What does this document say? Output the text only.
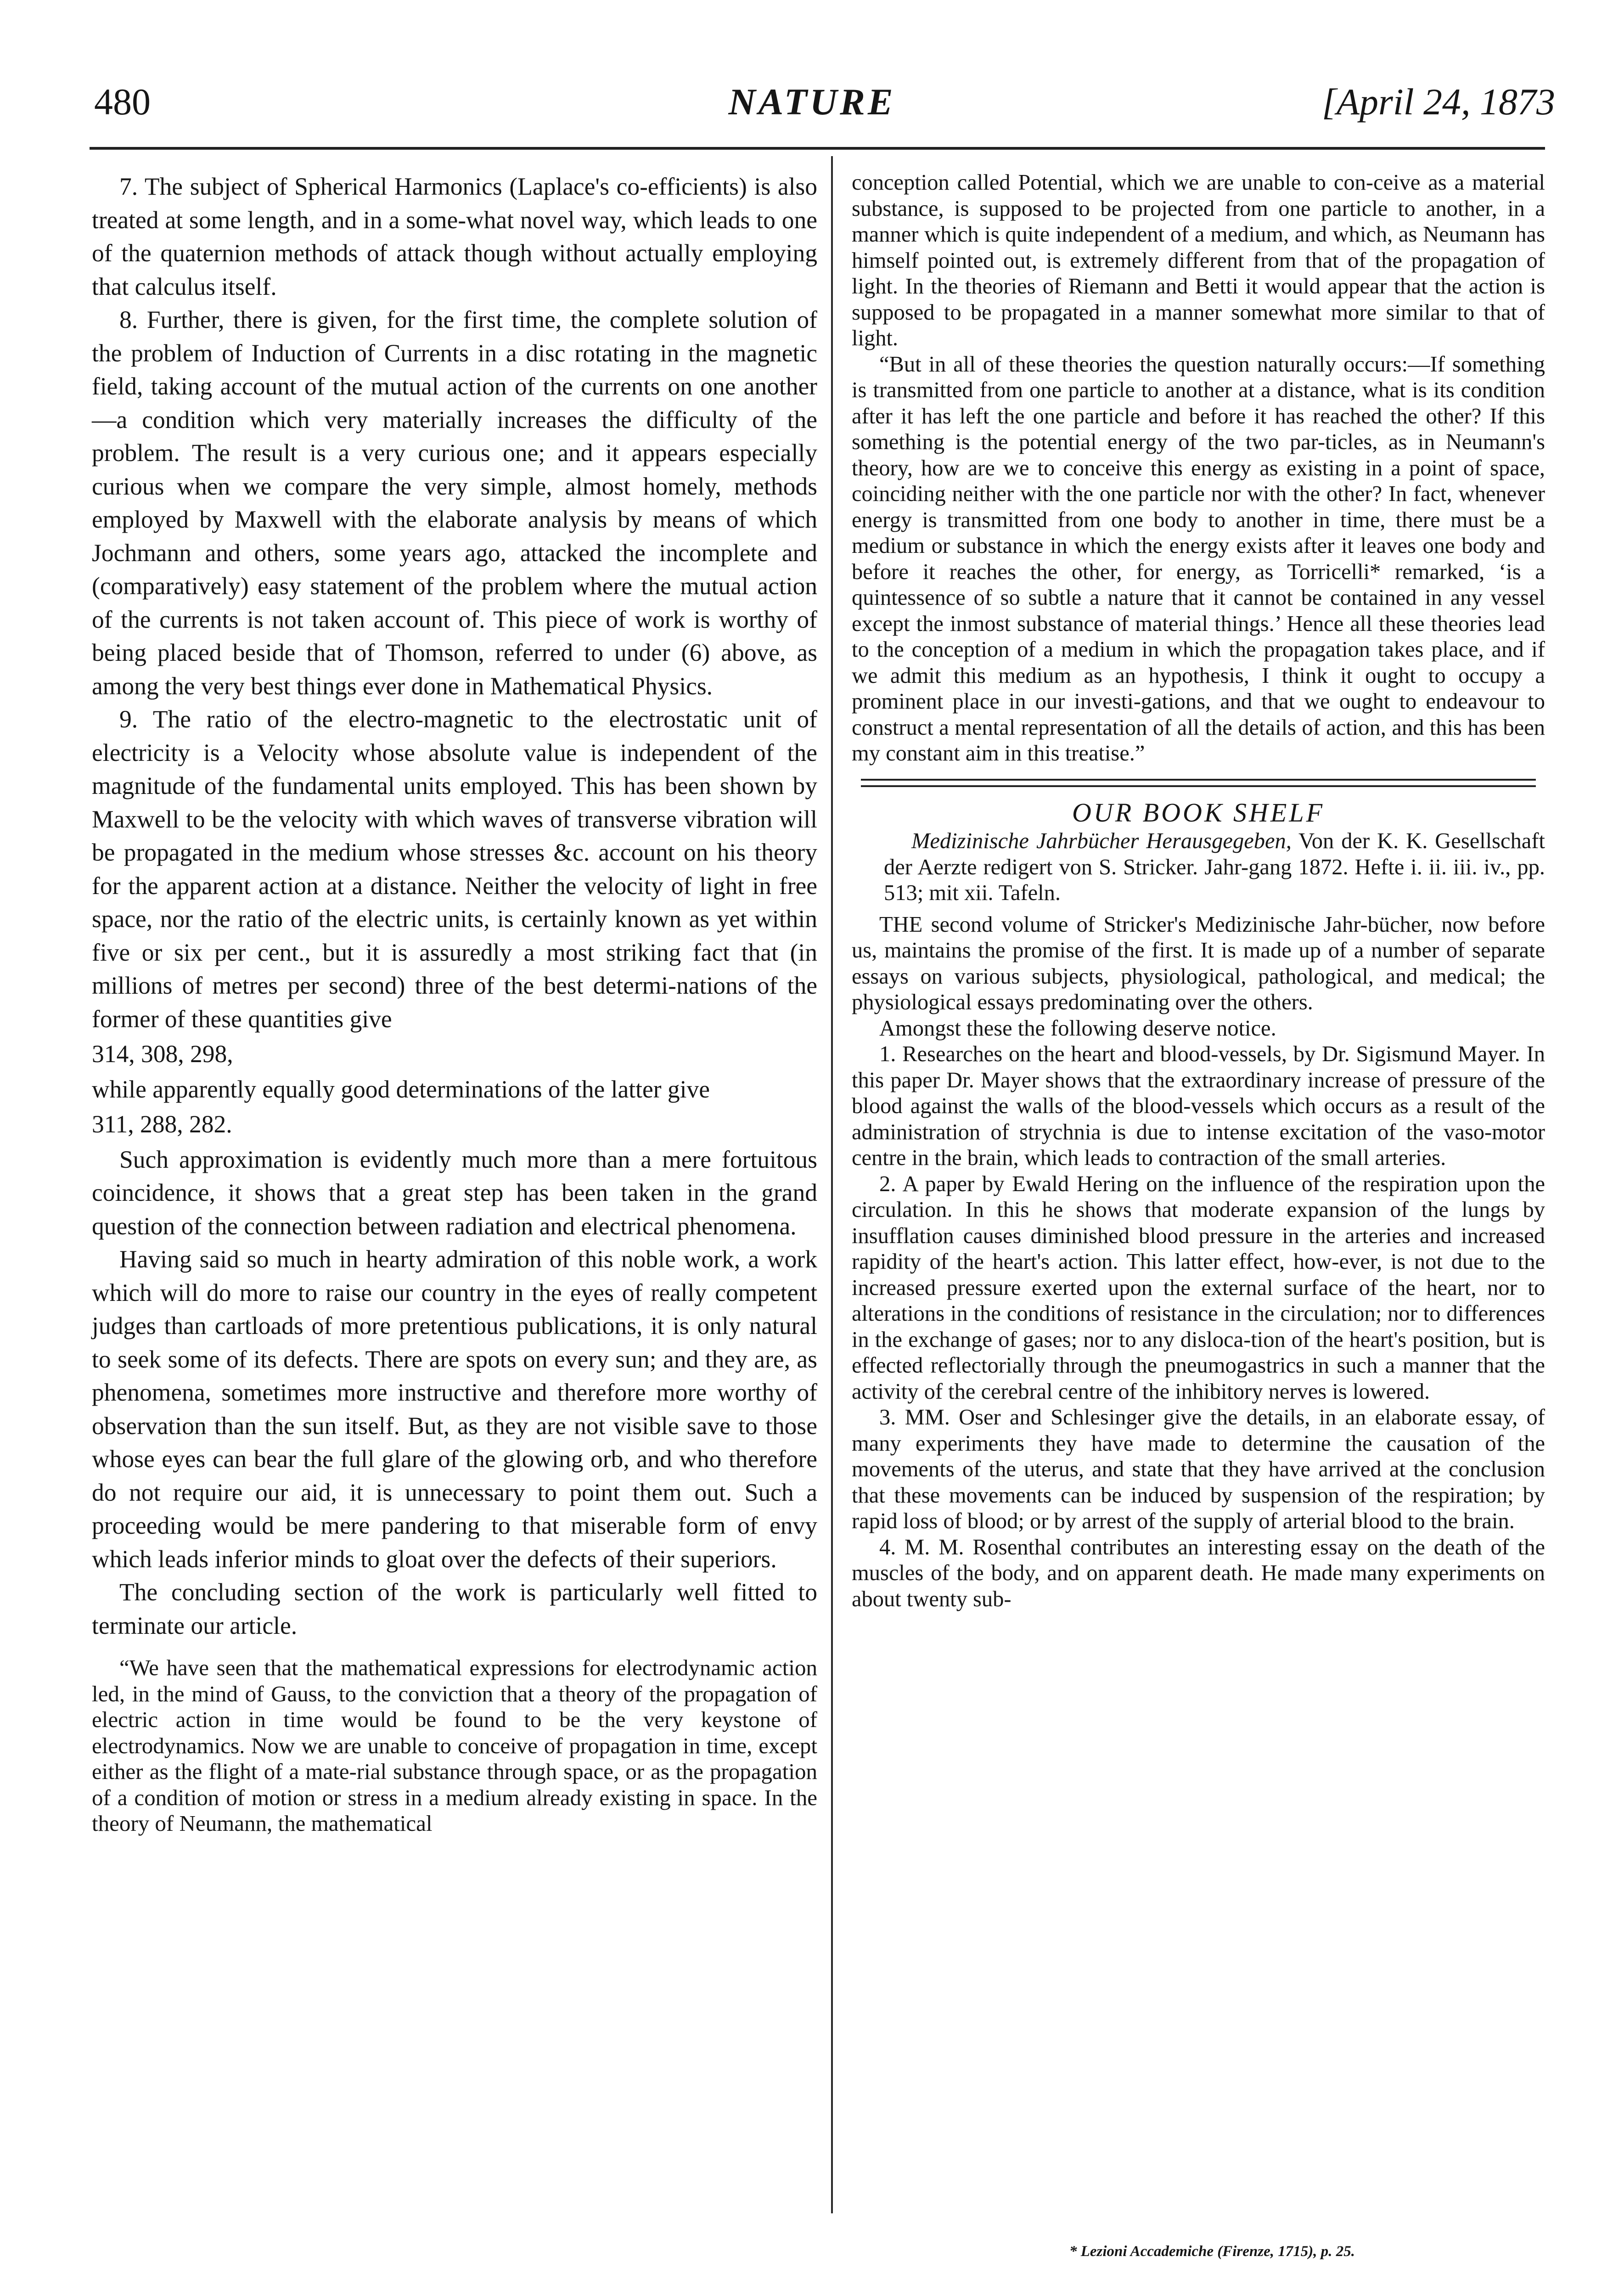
480	NATURE	[April 24, 1873

7. The subject of Spherical Harmonics (Laplace's co-efficients) is also treated at some length, and in a some-what novel way, which leads to one of the quaternion methods of attack though without actually employing that calculus itself.

8. Further, there is given, for the first time, the complete solution of the problem of Induction of Currents in a disc rotating in the magnetic field, taking account of the mutual action of the currents on one another—a condition which very materially increases the difficulty of the problem. The result is a very curious one; and it appears especially curious when we compare the very simple, almost homely, methods employed by Maxwell with the elaborate analysis by means of which Jochmann and others, some years ago, attacked the incomplete and (comparatively) easy statement of the problem where the mutual action of the currents is not taken account of. This piece of work is worthy of being placed beside that of Thomson, referred to under (6) above, as among the very best things ever done in Mathematical Physics.

9. The ratio of the electro-magnetic to the electrostatic unit of electricity is a Velocity whose absolute value is independent of the magnitude of the fundamental units employed. This has been shown by Maxwell to be the velocity with which waves of transverse vibration will be propagated in the medium whose stresses &c. account on his theory for the apparent action at a distance. Neither the velocity of light in free space, nor the ratio of the electric units, is certainly known as yet within five or six per cent., but it is assuredly a most striking fact that (in millions of metres per second) three of the best determi-nations of the former of these quantities give

314, 308, 298,

while apparently equally good determinations of the latter give

311, 288, 282.

Such approximation is evidently much more than a mere fortuitous coincidence, it shows that a great step has been taken in the grand question of the connection between radiation and electrical phenomena.

Having said so much in hearty admiration of this noble work, a work which will do more to raise our country in the eyes of really competent judges than cartloads of more pretentious publications, it is only natural to seek some of its defects. There are spots on every sun; and they are, as phenomena, sometimes more instructive and therefore more worthy of observation than the sun itself. But, as they are not visible save to those whose eyes can bear the full glare of the glowing orb, and who therefore do not require our aid, it is unnecessary to point them out. Such a proceeding would be mere pandering to that miserable form of envy which leads inferior minds to gloat over the defects of their superiors.

The concluding section of the work is particularly well fitted to terminate our article.

“We have seen that the mathematical expressions for electrodynamic action led, in the mind of Gauss, to the conviction that a theory of the propagation of electric action in time would be found to be the very keystone of electrodynamics. Now we are unable to conceive of propagation in time, except either as the flight of a mate-rial substance through space, or as the propagation of a condition of motion or stress in a medium already existing in space. In the theory of Neumann, the mathematical

conception called Potential, which we are unable to con-ceive as a material substance, is supposed to be projected from one particle to another, in a manner which is quite independent of a medium, and which, as Neumann has himself pointed out, is extremely different from that of the propagation of light. In the theories of Riemann and Betti it would appear that the action is supposed to be propagated in a manner somewhat more similar to that of light.

“But in all of these theories the question naturally occurs:—If something is transmitted from one particle to another at a distance, what is its condition after it has left the one particle and before it has reached the other? If this something is the potential energy of the two par-ticles, as in Neumann's theory, how are we to conceive this energy as existing in a point of space, coinciding neither with the one particle nor with the other? In fact, whenever energy is transmitted from one body to another in time, there must be a medium or substance in which the energy exists after it leaves one body and before it reaches the other, for energy, as Torricelli* remarked, ‘is a quintessence of so subtle a nature that it cannot be contained in any vessel except the inmost substance of material things.’ Hence all these theories lead to the conception of a medium in which the propagation takes place, and if we admit this medium as an hypothesis, I think it ought to occupy a prominent place in our investi-gations, and that we ought to endeavour to construct a mental representation of all the details of action, and this has been my constant aim in this treatise.”

OUR BOOK SHELF

Medizinische Jahrbücher Herausgegeben, Von der K. K. Gesellschaft der Aerzte redigert von S. Stricker. Jahr-gang 1872. Hefte i. ii. iii. iv., pp. 513; mit xii. Tafeln.

THE second volume of Stricker's Medizinische Jahr-bücher, now before us, maintains the promise of the first. It is made up of a number of separate essays on various subjects, physiological, pathological, and medical; the physiological essays predominating over the others.

Amongst these the following deserve notice.

1. Researches on the heart and blood-vessels, by Dr. Sigismund Mayer. In this paper Dr. Mayer shows that the extraordinary increase of pressure of the blood against the walls of the blood-vessels which occurs as a result of the administration of strychnia is due to intense excitation of the vaso-motor centre in the brain, which leads to contraction of the small arteries.

2. A paper by Ewald Hering on the influence of the respiration upon the circulation. In this he shows that moderate expansion of the lungs by insufflation causes diminished blood pressure in the arteries and increased rapidity of the heart's action. This latter effect, how-ever, is not due to the increased pressure exerted upon the external surface of the heart, nor to alterations in the conditions of resistance in the circulation; nor to differences in the exchange of gases; nor to any disloca-tion of the heart's position, but is effected reflectorially through the pneumogastrics in such a manner that the activity of the cerebral centre of the inhibitory nerves is lowered.

3. MM. Oser and Schlesinger give the details, in an elaborate essay, of many experiments they have made to determine the causation of the movements of the uterus, and state that they have arrived at the conclusion that these movements can be induced by suspension of the respiration; by rapid loss of blood; or by arrest of the supply of arterial blood to the brain.

4. M. M. Rosenthal contributes an interesting essay on the death of the muscles of the body, and on apparent death. He made many experiments on about twenty sub-

* Lezioni Accademiche (Firenze, 1715), p. 25.
